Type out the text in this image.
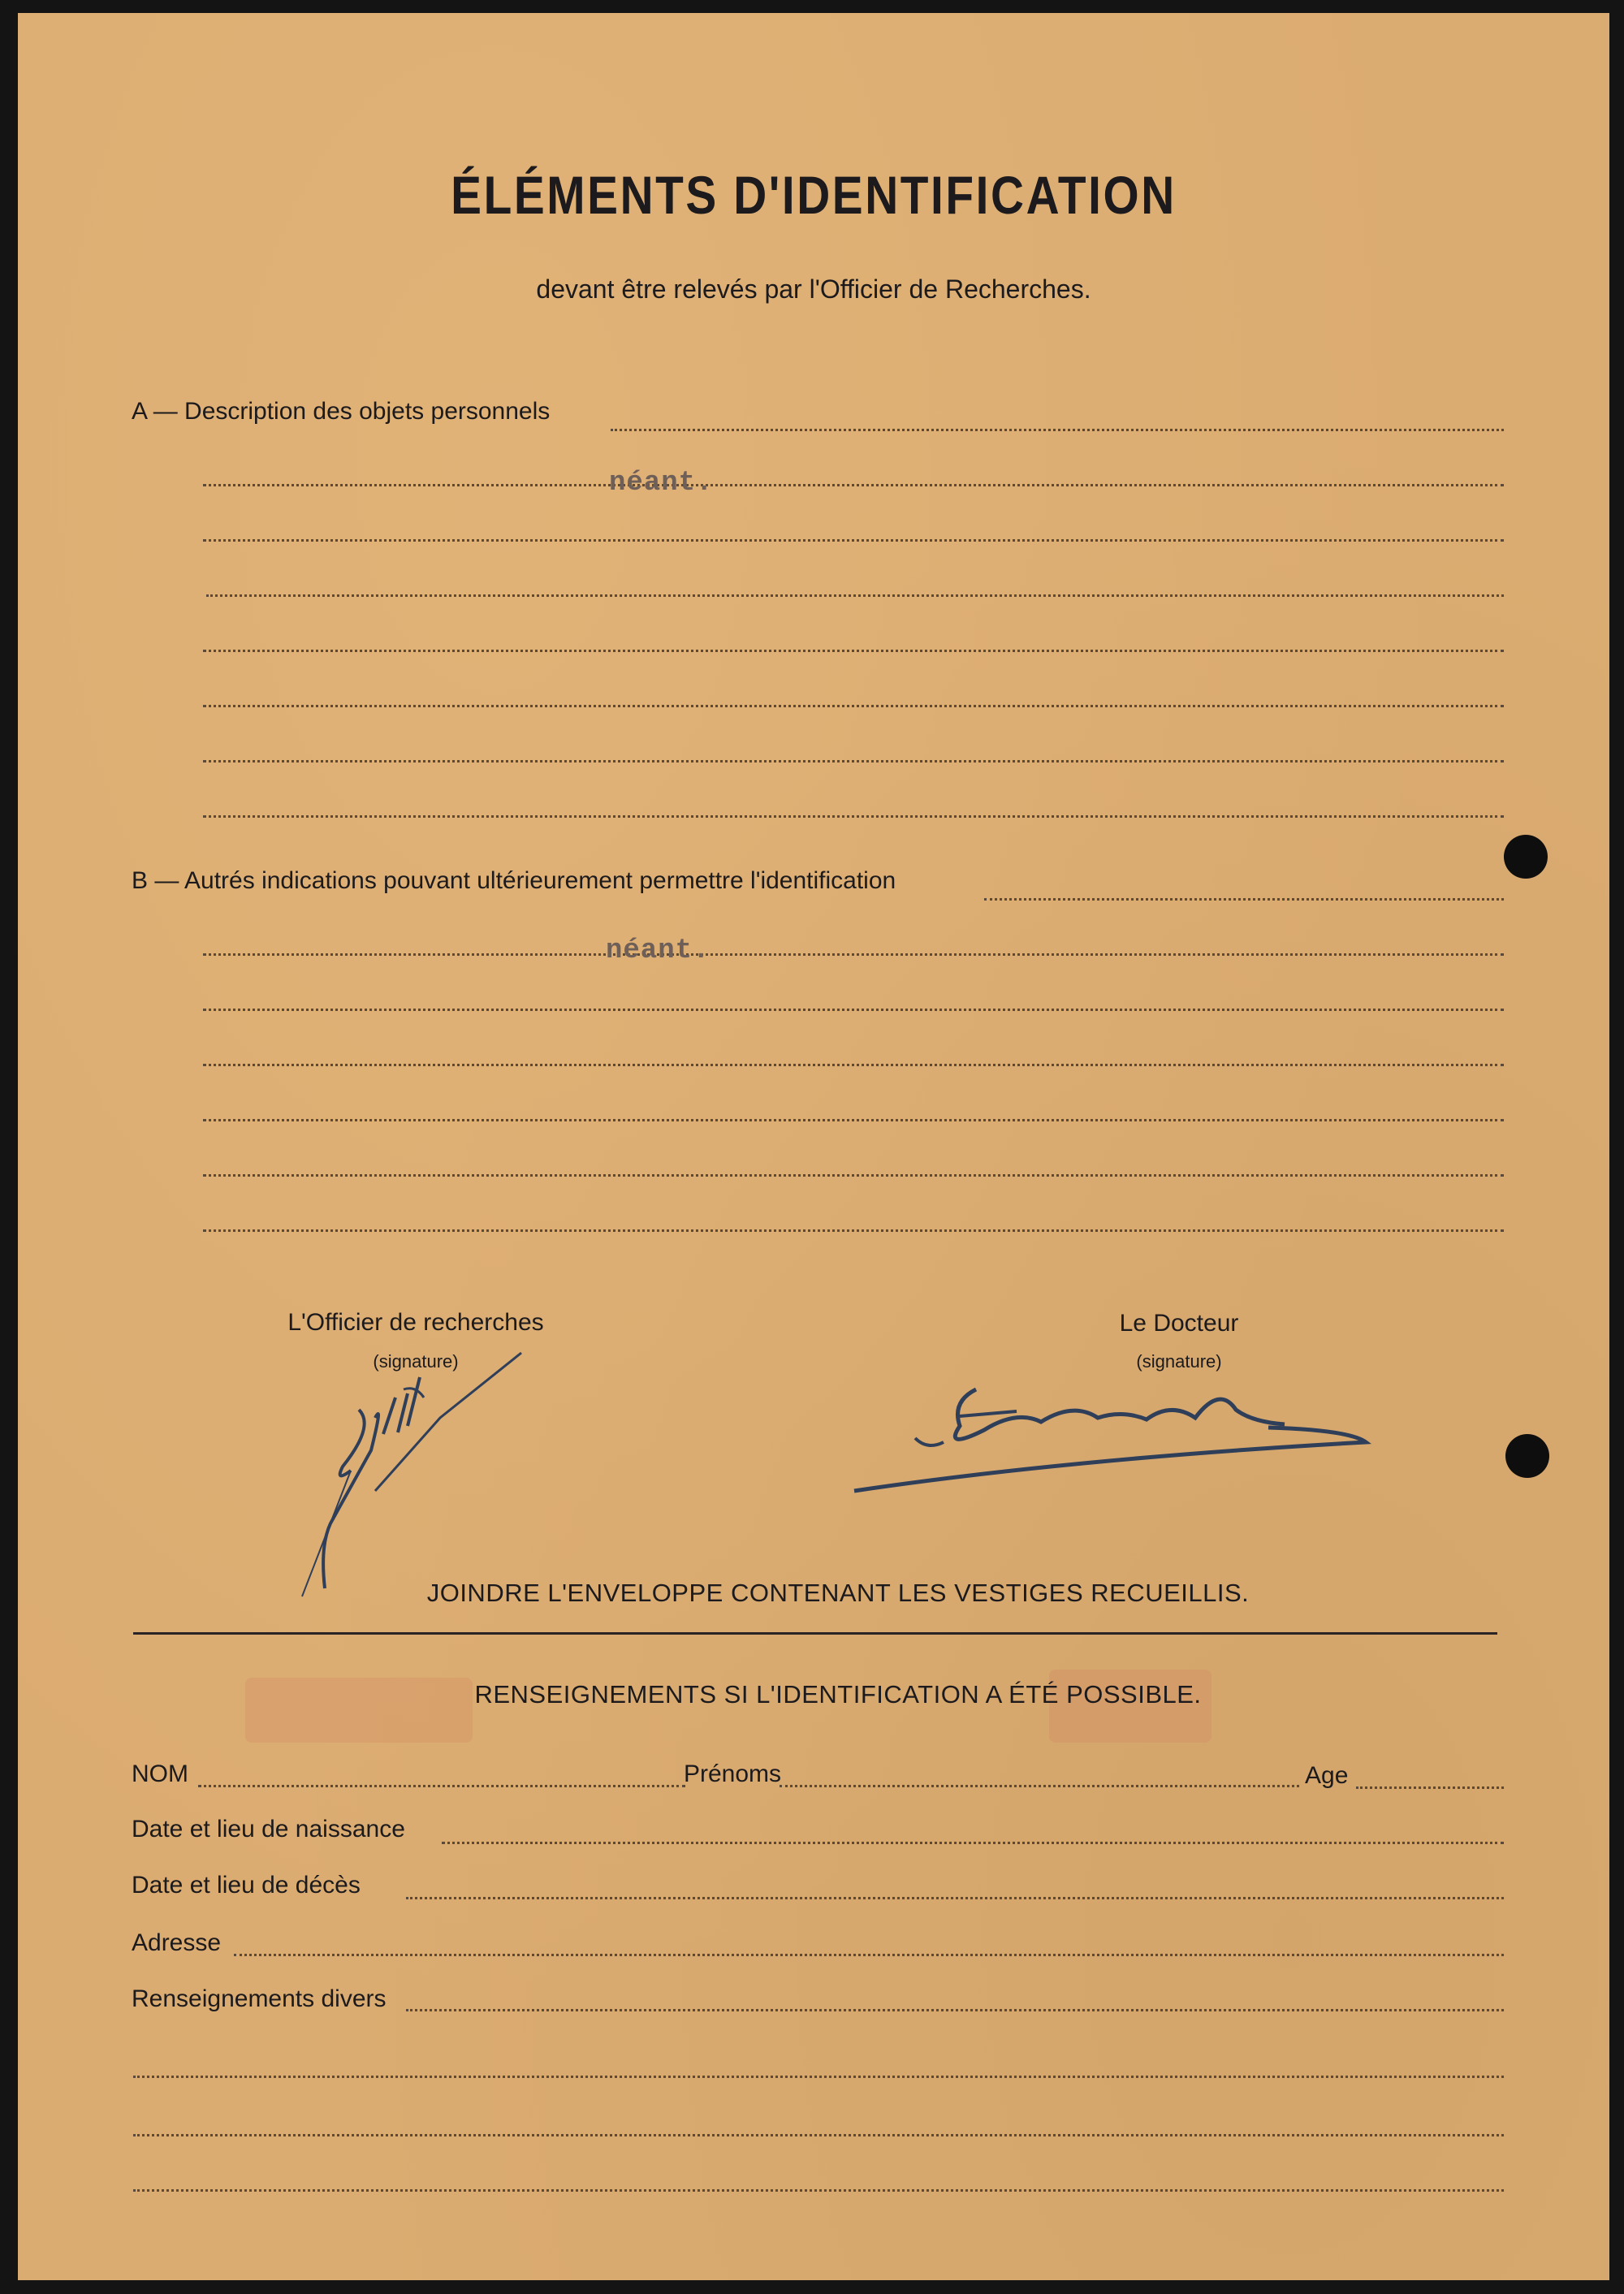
ÉLÉMENTS D'IDENTIFICATION
devant être relevés par l'Officier de Recherches.
A — Description des objets personnels
néant.
B — Autrés indications pouvant ultérieurement permettre l'identification
néant.
L'Officier de recherches
(signature)
Le Docteur
(signature)
JOINDRE L'ENVELOPPE CONTENANT LES VESTIGES RECUEILLIS.
RENSEIGNEMENTS SI L'IDENTIFICATION A ÉTÉ POSSIBLE.
NOM	Prénoms	Age
Date et lieu de naissance
Date et lieu de décès
Adresse
Renseignements divers
